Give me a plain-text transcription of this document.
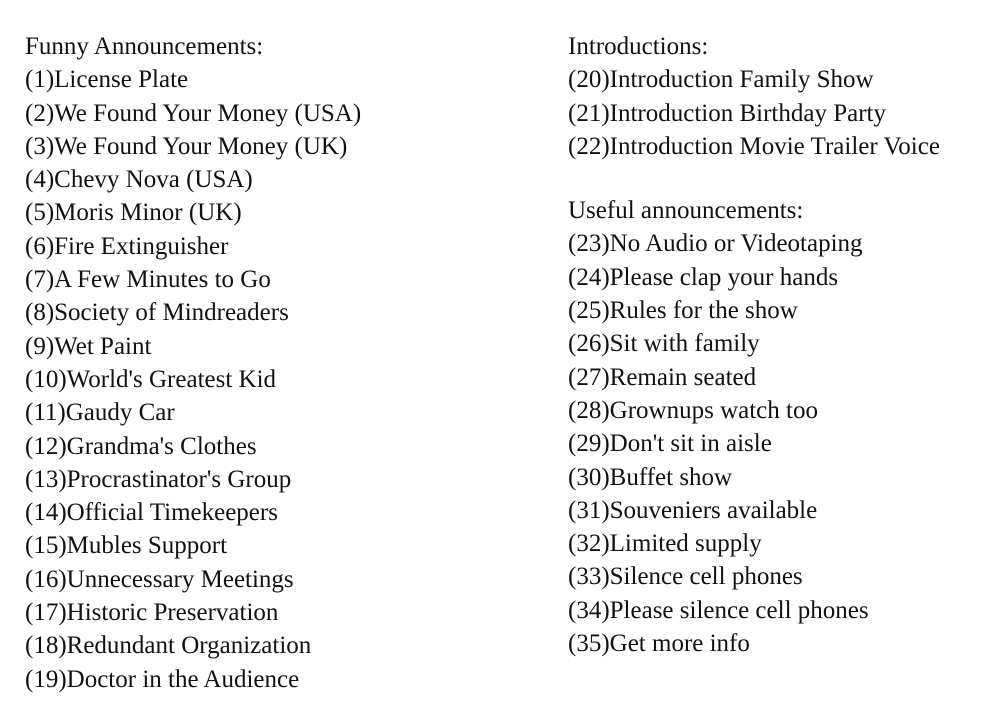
Funny Announcements:

(1)License Plate

(2)We Found Your Money (USA)

(3)We Found Your Money (UK)

(4)Chevy Nova (USA)

(5)Moris Minor (UK)

(6)Fire Extinguisher

(7)A Few Minutes to Go

(8)Society of Mindreaders

(9)Wet Paint

(10)World's Greatest Kid

(11)Gaudy Car

(12)Grandma's Clothes

(13)Procrastinator's Group

(14)Official Timekeepers

(15)Mubles Support

(16)Unnecessary Meetings

(17)Historic Preservation

(18)Redundant Organization

(19)Doctor in the Audience

Introductions:

(20)Introduction Family Show

(21)Introduction Birthday Party

(22)Introduction Movie Trailer Voice

Useful announcements:

(23)No Audio or Videotaping

(24)Please clap your hands

(25)Rules for the show

(26)Sit with family

(27)Remain seated

(28)Grownups watch too

(29)Don't sit in aisle

(30)Buffet show

(31)Souveniers available

(32)Limited supply

(33)Silence cell phones

(34)Please silence cell phones

(35)Get more info
